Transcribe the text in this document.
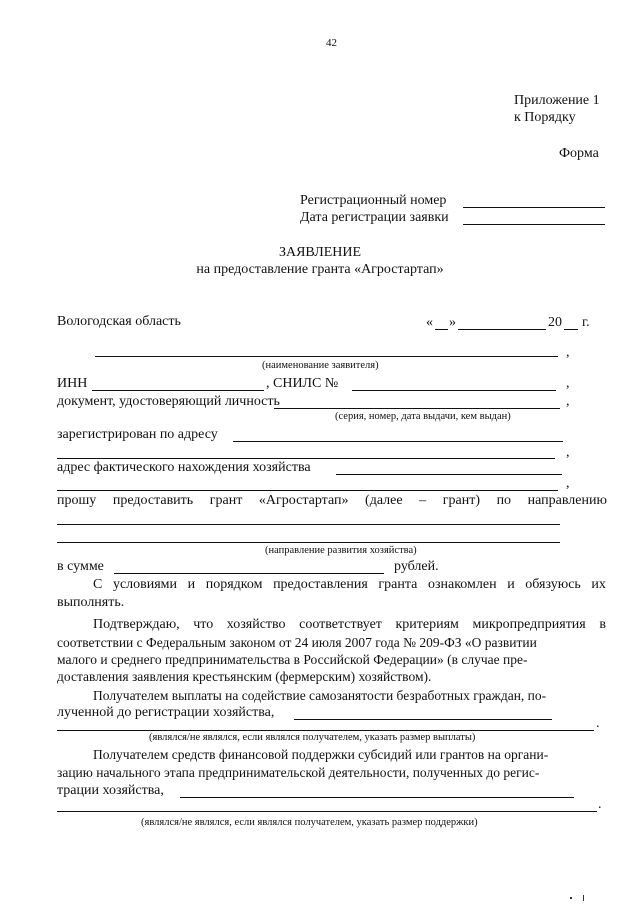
42
Приложение 1
к Порядку
Форма
Регистрационный номер
Дата регистрации заявки
ЗАЯВЛЕНИЕ
на предоставление гранта «Агростартап»
Вологодская область	« »	20 г.
,
(наименование заявителя)
ИНН	, СНИЛС №	,
документ, удостоверяющий личность	,
(серия, номер, дата выдачи, кем выдан)
зарегистрирован по адресу
,
адрес фактического нахождения хозяйства
,
прошу предоставить грант «Агростартап» (далее – грант) по направлению
(направление развития хозяйства)
в сумме	рублей.
С условиями и порядком предоставления гранта ознакомлен и обязуюсь их
выполнять.
Подтверждаю, что хозяйство соответствует критериям микропредприятия в
соответствии с Федеральным законом от 24 июля 2007 года № 209-ФЗ «О развитии
малого и среднего предпринимательства в Российской Федерации» (в случае пре-
доставления заявления крестьянским (фермерским) хозяйством).
Получателем выплаты на содействие самозанятости безработных граждан, по-
лученной до регистрации хозяйства,
.
(являлся/не являлся, если являлся получателем, указать размер выплаты)
Получателем средств финансовой поддержки субсидий или грантов на органи-
зацию начального этапа предпринимательской деятельности, полученных до регис-
трации хозяйства,
.
(являлся/не являлся, если являлся получателем, указать размер поддержки)
